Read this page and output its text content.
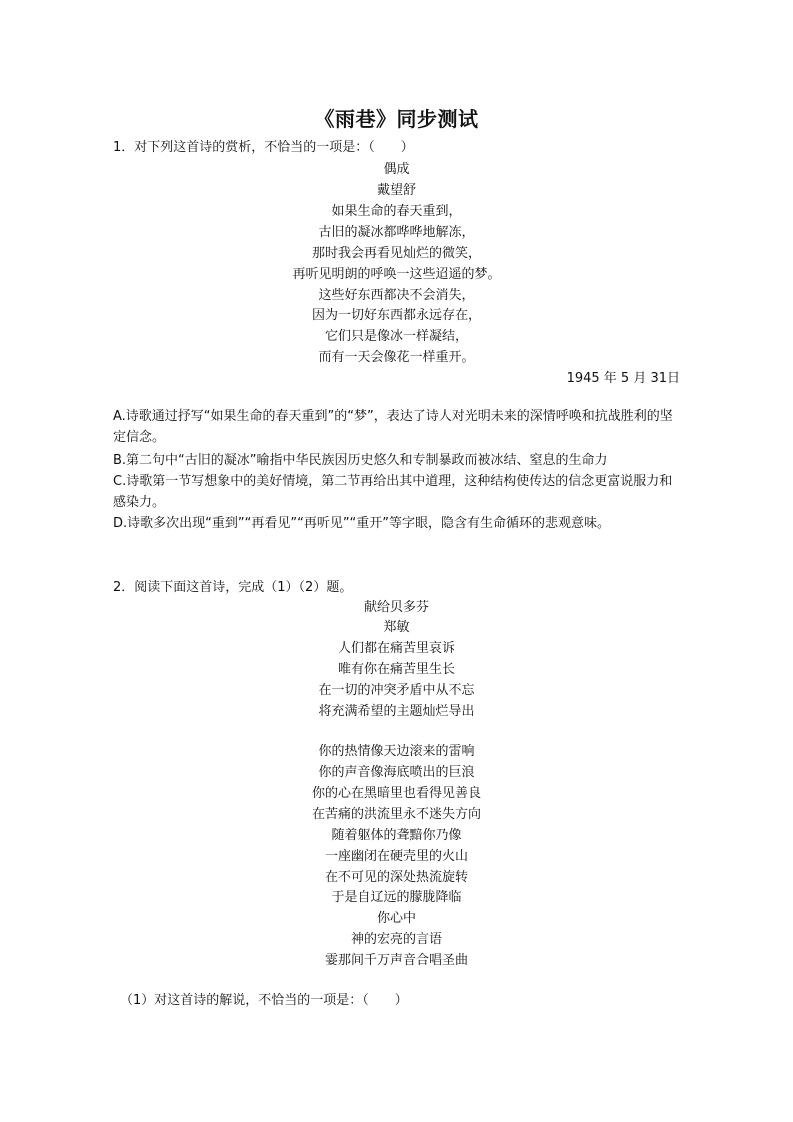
《雨巷》同步测试
1．对下列这首诗的赏析，不恰当的一项是：（　　）
偶成
戴望舒
如果生命的春天重到，
古旧的凝冰都哗哗地解冻，
那时我会再看见灿烂的微笑，
再听见明朗的呼唤一这些迢遥的梦。
这些好东西都决不会消失，
因为一切好东西都永远存在，
它们只是像冰一样凝结，
而有一天会像花一样重开。
1945 年 5 月 31日
A.诗歌通过抒写“如果生命的春天重到”的“梦”，表达了诗人对光明未来的深情呼唤和抗战胜利的坚定信念。
B.第二句中“古旧的凝冰”喻指中华民族因历史悠久和专制暴政而被冰结、窒息的生命力
C.诗歌第一节写想象中的美好情境，第二节再给出其中道理，这种结构使传达的信念更富说服力和感染力。
D.诗歌多次出现“重到”“再看见”“再听见”“重开”等字眼，隐含有生命循环的悲观意味。
2．阅读下面这首诗，完成（1）（2）题。
献给贝多芬
郑敏
人们都在痛苦里哀诉
唯有你在痛苦里生长
在一切的冲突矛盾中从不忘
将充满希望的主题灿烂导出
你的热情像天边滚来的雷响
你的声音像海底喷出的巨浪
你的心在黑暗里也看得见善良
在苦痛的洪流里永不迷失方向
随着躯体的聋黯你乃像
一座幽闭在硬壳里的火山
在不可见的深处热流旋转
于是自辽远的朦胧降临
你心中
神的宏亮的言语
霎那间千万声音合唱圣曲
（1）对这首诗的解说，不恰当的一项是：（　　）
